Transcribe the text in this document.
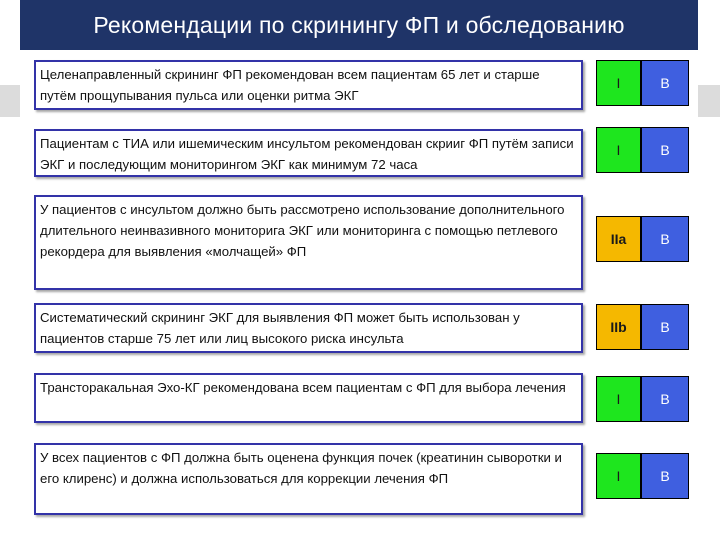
Рекомендации по скринингу ФП и обследованию
Целенаправленный скрининг ФП рекомендован всем пациентам 65 лет и старше путём прощупывания пульса или оценки ритма ЭКГ
I	B
Пациентам с ТИА или ишемическим инсультом рекомендован скрииг ФП путём записи ЭКГ и последующим мониторингом ЭКГ как минимум 72 часа
I	B
У пациентов с инсультом должно быть рассмотрено использование дополнительного длительного неинвазивного мониторига ЭКГ или мониторинга с помощью петлевого рекордера для выявления «молчащей» ФП
IIa	B
Систематический скрининг ЭКГ для выявления ФП может быть использован у пациентов старше 75 лет или лиц высокого риска инсульта
IIb	B
Трансторакальная Эхо-КГ рекомендована всем пациентам с ФП для выбора лечения
I	B
У всех пациентов с ФП должна быть оценена функция почек (креатинин сыворотки и его клиренс) и должна использоваться для коррекции лечения ФП	I	B
